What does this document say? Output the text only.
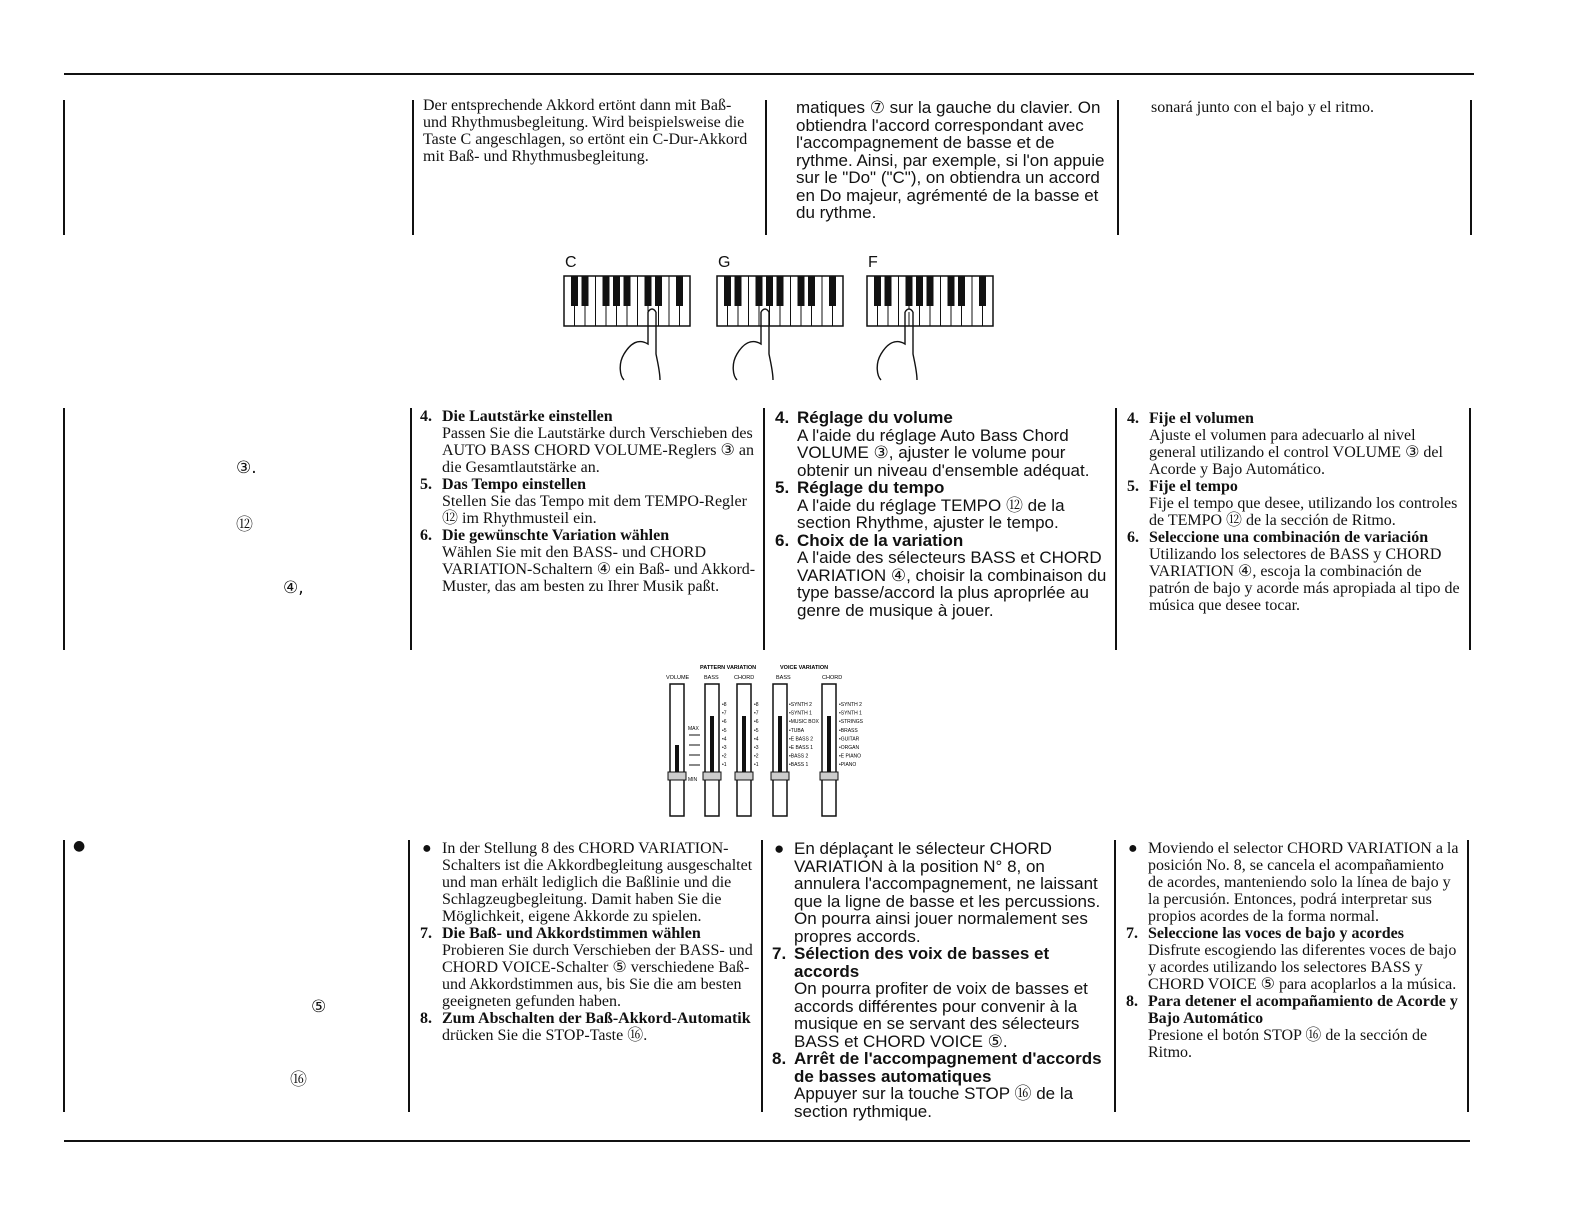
Der entsprechende Akkord ertönt dann mit Baß- und Rhythmusbegleitung. Wird beispielsweise die Taste C angeschlagen, so ertönt ein C-Dur-Akkord mit Baß- und Rhythmusbegleitung.

matiques ⑦ sur la gauche du clavier. On obtiendra l'accord correspondant avec l'accompagnement de basse et de rythme. Ainsi, par exemple, si l'on appuie sur le "Do" ("C"), on obtiendra un accord en Do majeur, agrémenté de la basse et du rythme.

sonará junto con el bajo y el ritmo.

C	G	F
③.
⑫
④,
4. Die Lautstärke einstellen
Passen Sie die Lautstärke durch Verschieben des AUTO BASS CHORD VOLUME-Reglers ③ an die Gesamtlautstärke an.
5. Das Tempo einstellen
Stellen Sie das Tempo mit dem TEMPO-Regler ⑫ im Rhythmusteil ein.
6. Die gewünschte Variation wählen
Wählen Sie mit den BASS- und CHORD VARIATION-Schaltern ④ ein Baß- und Akkord-Muster, das am besten zu Ihrer Musik paßt.
4. Réglage du volume
A l'aide du réglage Auto Bass Chord VOLUME ③, ajuster le volume pour obtenir un niveau d'ensemble adéquat.
5. Réglage du tempo
A l'aide du réglage TEMPO ⑫ de la section Rhythme, ajuster le tempo.
6. Choix de la variation
A l'aide des sélecteurs BASS et CHORD VARIATION ④, choisir la combinaison du type basse/accord la plus aproprlée au genre de musique à jouer.
4. Fije el volumen
Ajuste el volumen para adecuarlo al nivel general utilizando el control VOLUME ③ del Acorde y Bajo Automático.
5. Fije el tempo
Fije el tempo que desee, utilizando los controles de TEMPO ⑫ de la sección de Ritmo.
6. Seleccione una combinación de variación
Utilizando los selectores de BASS y CHORD VARIATION ④, escoja la combinación de patrón de bajo y acorde más apropiada al tipo de música que desee tocar.
PATTERN VARIATION	VOICE VARIATION
VOLUME	BASS	CHORD	BASS	CHORD
MAX
MIN
•8
•7
•6
•5
•4
•3
•2
•1
•8
•7
•6
•5
•4
•3
•2
•1
•SYNTH 2
•SYNTH 1
•MUSIC BOX
•TUBA
•E BASS 2
•E BASS 1
•BASS 2
•BASS 1
•SYNTH 2
•SYNTH 1
•STRINGS
•BRASS
•GUITAR
•ORGAN
•E PIANO
•PIANO
●
⑤
⑯
● In der Stellung 8 des CHORD VARIATION-Schalters ist die Akkordbegleitung ausgeschaltet und man erhält lediglich die Baßlinie und die Schlagzeugbegleitung. Damit haben Sie die Möglichkeit, eigene Akkorde zu spielen.
7. Die Baß- und Akkordstimmen wählen
Probieren Sie durch Verschieben der BASS- und CHORD VOICE-Schalter ⑤ verschiedene Baß- und Akkordstimmen aus, bis Sie die am besten geeigneten gefunden haben.
8. Zum Abschalten der Baß-Akkord-Automatik
drücken Sie die STOP-Taste ⑯.
● En déplaçant le sélecteur CHORD VARIATION à la position N° 8, on annulera l'accompagnement, ne laissant que la ligne de basse et les percussions. On pourra ainsi jouer normalement ses propres accords.
7. Sélection des voix de basses et accords
On pourra profiter de voix de basses et accords différentes pour convenir à la musique en se servant des sélecteurs BASS et CHORD VOICE ⑤.
8. Arrêt de l'accompagnement d'accords de basses automatiques
Appuyer sur la touche STOP ⑯ de la section rythmique.
● Moviendo el selector CHORD VARIATION a la posición No. 8, se cancela el acompañamiento de acordes, manteniendo solo la línea de bajo y la percusión. Entonces, podrá interpretar sus propios acordes de la forma normal.
7. Seleccione las voces de bajo y acordes
Disfrute escogiendo las diferentes voces de bajo y acordes utilizando los selectores BASS y CHORD VOICE ⑤ para acoplarlos a la música.
8. Para detener el acompañamiento de Acorde y Bajo Automático
Presione el botón STOP ⑯ de la sección de Ritmo.
